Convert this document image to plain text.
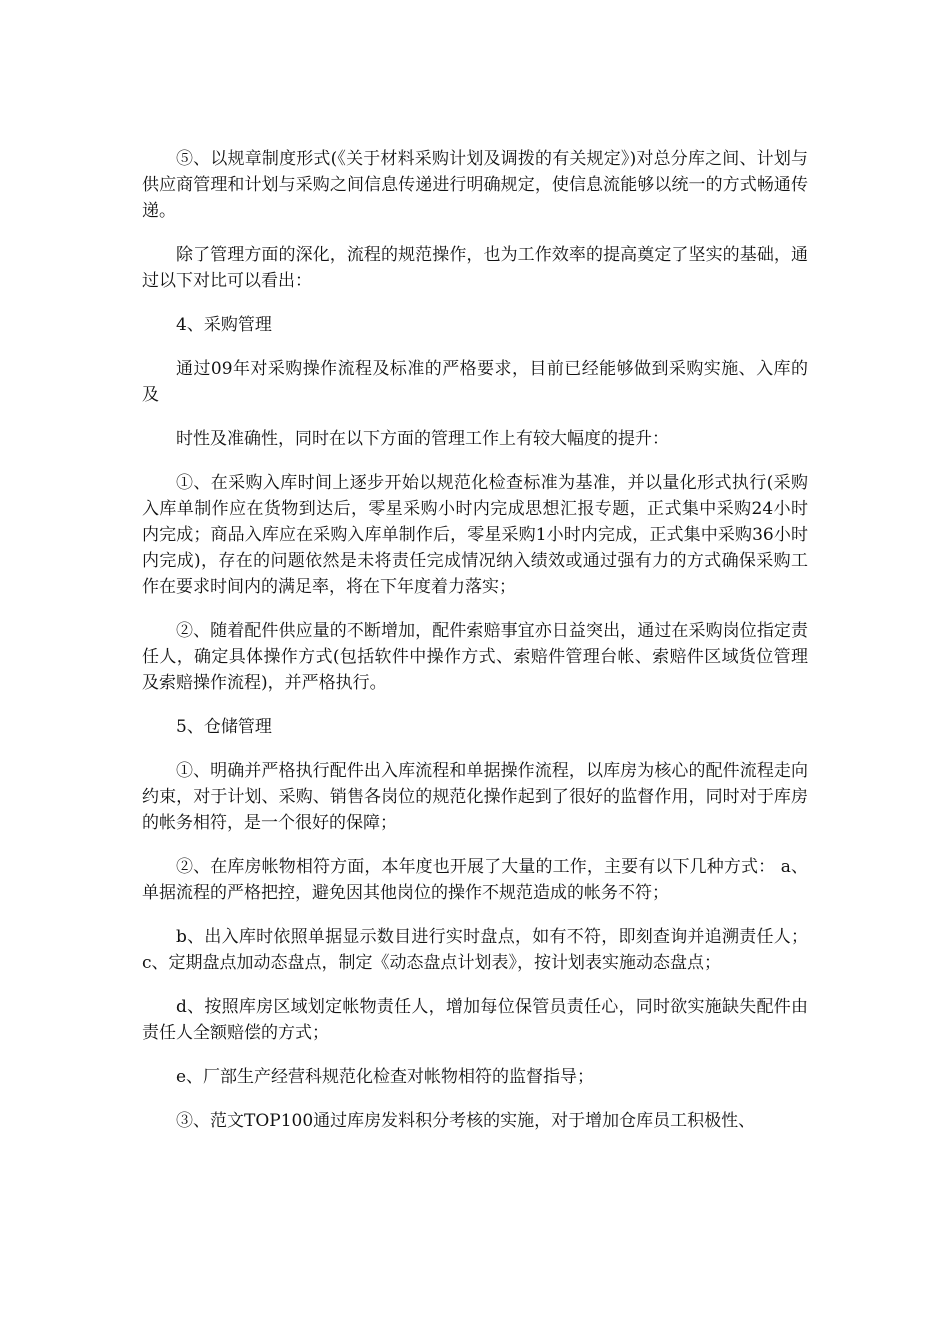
⑤、以规章制度形式(《关于材料采购计划及调拨的有关规定》)对总分库之间、计划与供应商管理和计划与采购之间信息传递进行明确规定，使信息流能够以统一的方式畅通传递。

除了管理方面的深化，流程的规范操作，也为工作效率的提高奠定了坚实的基础，通过以下对比可以看出：

4、采购管理

通过09年对采购操作流程及标准的严格要求，目前已经能够做到采购实施、入库的及

时性及准确性，同时在以下方面的管理工作上有较大幅度的提升：

①、在采购入库时间上逐步开始以规范化检查标准为基准，并以量化形式执行(采购入库单制作应在货物到达后，零星采购小时内完成思想汇报专题，正式集中采购24小时内完成；商品入库应在采购入库单制作后，零星采购1小时内完成，正式集中采购36小时内完成)，存在的问题依然是未将责任完成情况纳入绩效或通过强有力的方式确保采购工作在要求时间内的满足率，将在下年度着力落实；

②、随着配件供应量的不断增加，配件索赔事宜亦日益突出，通过在采购岗位指定责任人，确定具体操作方式(包括软件中操作方式、索赔件管理台帐、索赔件区域货位管理及索赔操作流程)，并严格执行。

5、仓储管理

①、明确并严格执行配件出入库流程和单据操作流程，以库房为核心的配件流程走向约束，对于计划、采购、销售各岗位的规范化操作起到了很好的监督作用，同时对于库房的帐务相符，是一个很好的保障；

②、在库房帐物相符方面，本年度也开展了大量的工作，主要有以下几种方式： a、单据流程的严格把控，避免因其他岗位的操作不规范造成的帐务不符；

b、出入库时依照单据显示数目进行实时盘点，如有不符，即刻查询并追溯责任人；c、定期盘点加动态盘点，制定《动态盘点计划表》，按计划表实施动态盘点；

d、按照库房区域划定帐物责任人，增加每位保管员责任心，同时欲实施缺失配件由责任人全额赔偿的方式；

e、厂部生产经营科规范化检查对帐物相符的监督指导；

③、范文TOP100通过库房发料积分考核的实施，对于增加仓库员工积极性、
